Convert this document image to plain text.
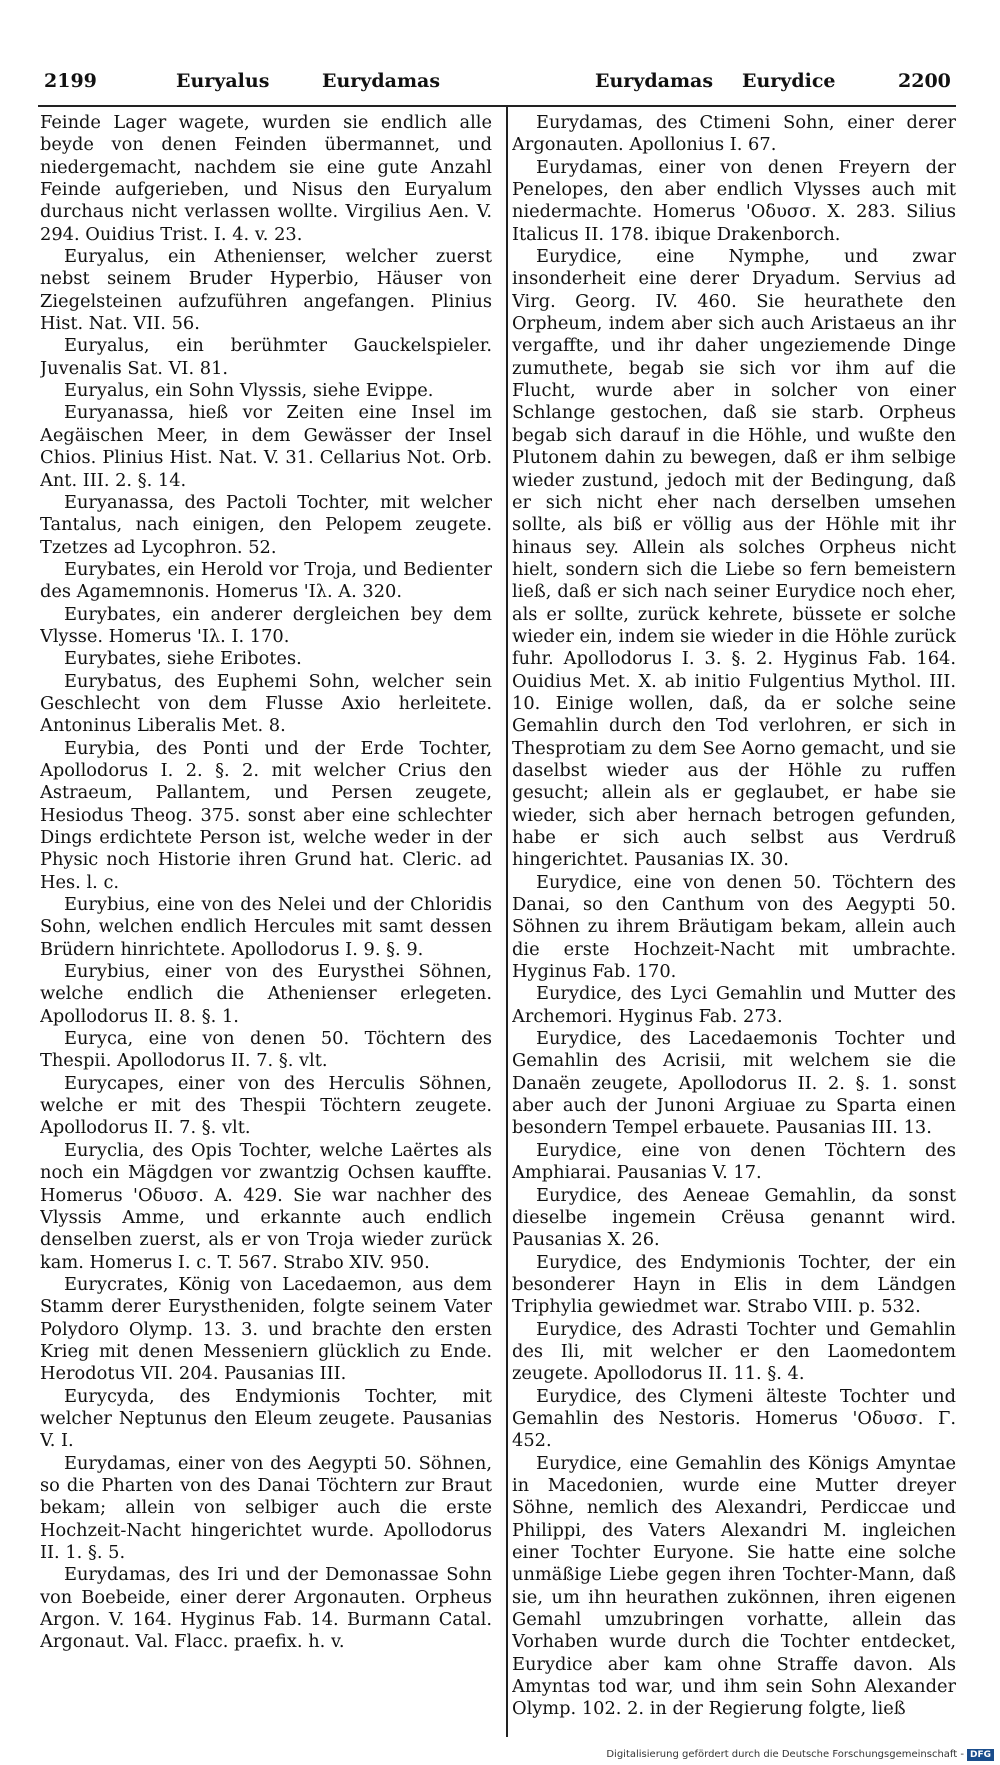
2199	Euryalus	Eurydamas	Eurydamas Eurydice	2200

Feinde Lager wagete, wurden sie endlich alle beyde von denen Feinden übermannet, und niedergemacht, nachdem sie eine gute Anzahl Feinde aufgerieben, und Nisus den Euryalum durchaus nicht verlassen wollte. Virgilius Aen. V. 294. Ouidius Trist. I. 4. v. 23.

Euryalus, ein Athenienser, welcher zuerst nebst seinem Bruder Hyperbio, Häuser von Ziegelsteinen aufzuführen angefangen. Plinius Hist. Nat. VII. 56.

Euryalus, ein berühmter Gauckelspieler. Juvenalis Sat. VI. 81.

Euryalus, ein Sohn Vlyssis, siehe Evippe.

Euryanassa, hieß vor Zeiten eine Insel im Aegäischen Meer, in dem Gewässer der Insel Chios. Plinius Hist. Nat. V. 31. Cellarius Not. Orb. Ant. III. 2. §. 14.

Euryanassa, des Pactoli Tochter, mit welcher Tantalus, nach einigen, den Pelopem zeugete. Tzetzes ad Lycophron. 52.

Eurybates, ein Herold vor Troja, und Bedienter des Agamemnonis. Homerus 'Ιλ. A. 320.

Eurybates, ein anderer dergleichen bey dem Vlysse. Homerus 'Ιλ. I. 170.

Eurybates, siehe Eribotes.

Eurybatus, des Euphemi Sohn, welcher sein Geschlecht von dem Flusse Axio herleitete. Antoninus Liberalis Met. 8.

Eurybia, des Ponti und der Erde Tochter, Apollodorus I. 2. §. 2. mit welcher Crius den Astraeum, Pallantem, und Persen zeugete, Hesiodus Theog. 375. sonst aber eine schlechter Dings erdichtete Person ist, welche weder in der Physic noch Historie ihren Grund hat. Cleric. ad Hes. l. c.

Eurybius, eine von des Nelei und der Chloridis Sohn, welchen endlich Hercules mit samt dessen Brüdern hinrichtete. Apollodorus I. 9. §. 9.

Eurybius, einer von des Eurysthei Söhnen, welche endlich die Athenienser erlegeten. Apollodorus II. 8. §. 1.

Euryca, eine von denen 50. Töchtern des Thespii. Apollodorus II. 7. §. vlt.

Eurycapes, einer von des Herculis Söhnen, welche er mit des Thespii Töchtern zeugete. Apollodorus II. 7. §. vlt.

Euryclia, des Opis Tochter, welche Laërtes als noch ein Mägdgen vor zwantzig Ochsen kauffte. Homerus 'Οδυσσ. Α. 429. Sie war nachher des Vlyssis Amme, und erkannte auch endlich denselben zuerst, als er von Troja wieder zurück kam. Homerus I. c. T. 567. Strabo XIV. 950.

Eurycrates, König von Lacedaemon, aus dem Stamm derer Eurystheniden, folgte seinem Vater Polydoro Olymp. 13. 3. und brachte den ersten Krieg mit denen Messeniern glücklich zu Ende. Herodotus VII. 204. Pausanias III.

Eurycyda, des Endymionis Tochter, mit welcher Neptunus den Eleum zeugete. Pausanias V. I.

Eurydamas, einer von des Aegypti 50. Söhnen, so die Pharten von des Danai Töchtern zur Braut bekam; allein von selbiger auch die erste Hochzeit-Nacht hingerichtet wurde. Apollodorus II. 1. §. 5.

Eurydamas, des Iri und der Demonassae Sohn von Boebeide, einer derer Argonauten. Orpheus Argon. V. 164. Hyginus Fab. 14. Burmann Catal. Argonaut. Val. Flacc. praefix. h. v.

Eurydamas, des Ctimeni Sohn, einer derer Argonauten. Apollonius I. 67.

Eurydamas, einer von denen Freyern der Penelopes, den aber endlich Vlysses auch mit niedermachte. Homerus 'Οδυσσ. X. 283. Silius Italicus II. 178. ibique Drakenborch.

Eurydice, eine Nymphe, und zwar insonderheit eine derer Dryadum. Servius ad Virg. Georg. IV. 460. Sie heurathete den Orpheum, indem aber sich auch Aristaeus an ihr vergaffte, und ihr daher ungeziemende Dinge zumuthete, begab sie sich vor ihm auf die Flucht, wurde aber in solcher von einer Schlange gestochen, daß sie starb. Orpheus begab sich darauf in die Höhle, und wußte den Plutonem dahin zu bewegen, daß er ihm selbige wieder zustund, jedoch mit der Bedingung, daß er sich nicht eher nach derselben umsehen sollte, als biß er völlig aus der Höhle mit ihr hinaus sey. Allein als solches Orpheus nicht hielt, sondern sich die Liebe so fern bemeistern ließ, daß er sich nach seiner Eurydice noch eher, als er sollte, zurück kehrete, büssete er solche wieder ein, indem sie wieder in die Höhle zurück fuhr. Apollodorus I. 3. §. 2. Hyginus Fab. 164. Ouidius Met. X. ab initio Fulgentius Mythol. III. 10. Einige wollen, daß, da er solche seine Gemahlin durch den Tod verlohren, er sich in Thesprotiam zu dem See Aorno gemacht, und sie daselbst wieder aus der Höhle zu ruffen gesucht; allein als er geglaubet, er habe sie wieder, sich aber hernach betrogen gefunden, habe er sich auch selbst aus Verdruß hingerichtet. Pausanias IX. 30.

Eurydice, eine von denen 50. Töchtern des Danai, so den Canthum von des Aegypti 50. Söhnen zu ihrem Bräutigam bekam, allein auch die erste Hochzeit-Nacht mit umbrachte. Hyginus Fab. 170.

Eurydice, des Lyci Gemahlin und Mutter des Archemori. Hyginus Fab. 273.

Eurydice, des Lacedaemonis Tochter und Gemahlin des Acrisii, mit welchem sie die Danaën zeugete, Apollodorus II. 2. §. 1. sonst aber auch der Junoni Argiuae zu Sparta einen besondern Tempel erbauete. Pausanias III. 13.

Eurydice, eine von denen Töchtern des Amphiarai. Pausanias V. 17.

Eurydice, des Aeneae Gemahlin, da sonst dieselbe ingemein Crëusa genannt wird. Pausanias X. 26.

Eurydice, des Endymionis Tochter, der ein besonderer Hayn in Elis in dem Ländgen Triphylia gewiedmet war. Strabo VIII. p. 532.

Eurydice, des Adrasti Tochter und Gemahlin des Ili, mit welcher er den Laomedontem zeugete. Apollodorus II. 11. §. 4.

Eurydice, des Clymeni älteste Tochter und Gemahlin des Nestoris. Homerus 'Οδυσσ. Γ. 452.

Eurydice, eine Gemahlin des Königs Amyntae in Macedonien, wurde eine Mutter dreyer Söhne, nemlich des Alexandri, Perdiccae und Philippi, des Vaters Alexandri M. ingleichen einer Tochter Euryone. Sie hatte eine solche unmäßige Liebe gegen ihren Tochter-Mann, daß sie, um ihn heurathen zukönnen, ihren eigenen Gemahl umzubringen vorhatte, allein das Vorhaben wurde durch die Tochter entdecket, Eurydice aber kam ohne Straffe davon. Als Amyntas tod war, und ihm sein Sohn Alexander Olymp. 102. 2. in der Regierung folgte, ließ

Digitalisierung gefördert durch die Deutsche Forschungsgemeinschaft - DFG
